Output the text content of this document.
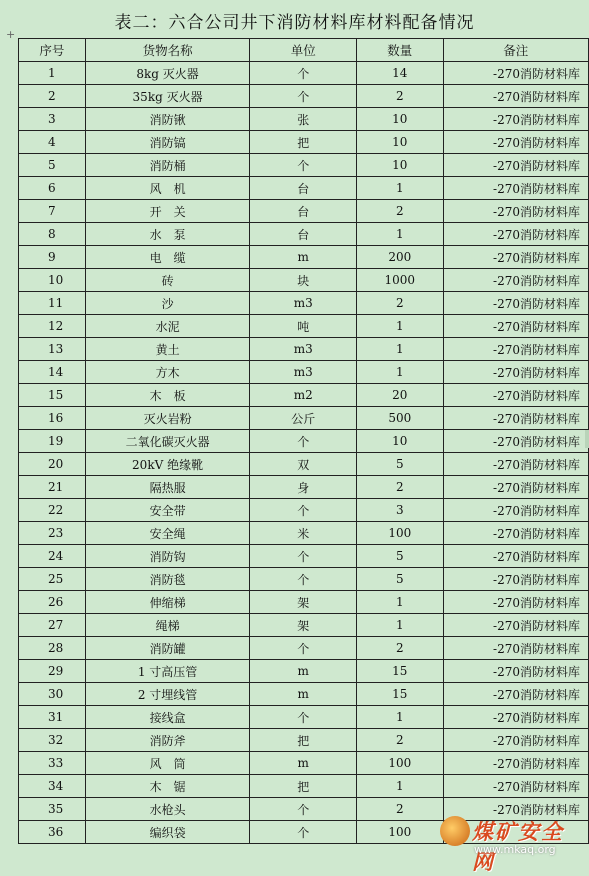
表二：六合公司井下消防材料库材料配备情况
+
序号	货物名称	单位	数量	备注
1	8kg 灭火器	个	14	-270消防材料库
2	35kg 灭火器	个	2	-270消防材料库
3	消防锹	张	10	-270消防材料库
4	消防镐	把	10	-270消防材料库
5	消防桶	个	10	-270消防材料库
6	风　机	台	1	-270消防材料库
7	开　关	台	2	-270消防材料库
8	水　泵	台	1	-270消防材料库
9	电　缆	m	200	-270消防材料库
10	砖	块	1000	-270消防材料库
11	沙	m3	2	-270消防材料库
12	水泥	吨	1	-270消防材料库
13	黄土	m3	1	-270消防材料库
14	方木	m3	1	-270消防材料库
15	木　板	m2	20	-270消防材料库
16	灭火岩粉	公斤	500	-270消防材料库
19	二氧化碳灭火器	个	10	-270消防材料库
20	20kV 绝缘靴	双	5	-270消防材料库
21	隔热服	身	2	-270消防材料库
22	安全带	个	3	-270消防材料库
23	安全绳	米	100	-270消防材料库
24	消防钩	个	5	-270消防材料库
25	消防毯	个	5	-270消防材料库
26	伸缩梯	架	1	-270消防材料库
27	绳梯	架	1	-270消防材料库
28	消防罐	个	2	-270消防材料库
29	1 寸高压管	m	15	-270消防材料库
30	2 寸埋线管	m	15	-270消防材料库
31	接线盒	个	1	-270消防材料库
32	消防斧	把	2	-270消防材料库
33	风　筒	m	100	-270消防材料库
34	木　锯	把	1	-270消防材料库
35	水枪头	个	2	-270消防材料库
36	编织袋	个	100		煤矿安全网
www.mkaq.org
